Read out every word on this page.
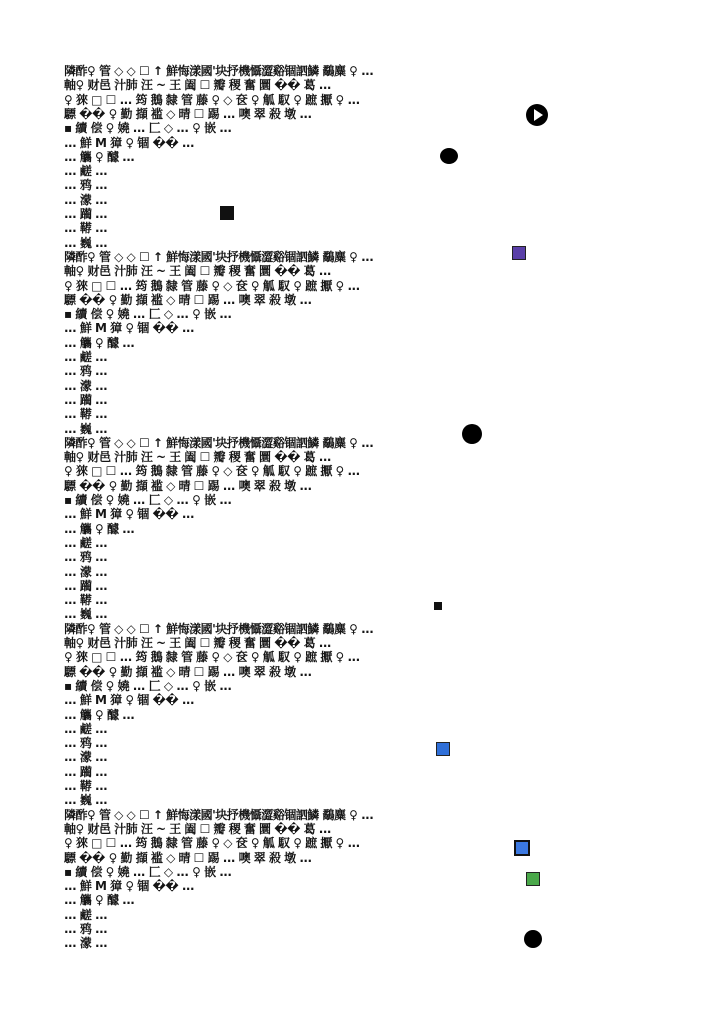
隣酢♀ 管 ◇ ◇ ☐ ↑ 鮮悔漾國'块抒機懾澀谿锢訵鱗 鷸麋 ♀ ...
軸♀ 财邑 汁肺 汪 ~ 王 阖 ☐ 瓣 稷 奮 圜 �� 葛 ...
♀ 猍 □ ☐ ... 筠 鵝 隸 管 藤 ♀ ◇ 奁 ♀ 觚 馭 ♀ 蹠 擫 ♀ ...
驃 �� ♀ 勤 擷 褴 ◇ 晴 ☐ 踢 ... 噢 翠 殺 墩 ...
▪ 續 偿 ♀ 嬈 ... 匚 ◇ ... ♀ 嵌 ...
... 鮮 M 獐 ♀ 锢 �� ...
... 觿 ♀ 醵 ...
... 鹺 ...
... 鸦 ...
... 濛 ...
... 躏 ...
... 鞯 ...
... 巍 ...
隣酢♀ 管 ◇ ◇ ☐ ↑ 鮮悔漾國'块抒機懾澀谿锢訵鱗 鷸麋 ♀ ...
軸♀ 财邑 汁肺 汪 ~ 王 阖 ☐ 瓣 稷 奮 圜 �� 葛 ...
♀ 猍 □ ☐ ... 筠 鵝 隸 管 藤 ♀ ◇ 奁 ♀ 觚 馭 ♀ 蹠 擫 ♀ ...
驃 �� ♀ 勤 擷 褴 ◇ 晴 ☐ 踢 ... 噢 翠 殺 墩 ...
▪ 續 偿 ♀ 嬈 ... 匚 ◇ ... ♀ 嵌 ...
... 鮮 M 獐 ♀ 锢 �� ...
... 觿 ♀ 醵 ...
... 鹺 ...
... 鸦 ...
... 濛 ...
... 躏 ...
... 鞯 ...
... 巍 ...
隣酢♀ 管 ◇ ◇ ☐ ↑ 鮮悔漾國'块抒機懾澀谿锢訵鱗 鷸麋 ♀ ...
軸♀ 财邑 汁肺 汪 ~ 王 阖 ☐ 瓣 稷 奮 圜 �� 葛 ...
♀ 猍 □ ☐ ... 筠 鵝 隸 管 藤 ♀ ◇ 奁 ♀ 觚 馭 ♀ 蹠 擫 ♀ ...
驃 �� ♀ 勤 擷 褴 ◇ 晴 ☐ 踢 ... 噢 翠 殺 墩 ...
▪ 續 偿 ♀ 嬈 ... 匚 ◇ ... ♀ 嵌 ...
... 鮮 M 獐 ♀ 锢 �� ...
... 觿 ♀ 醵 ...
... 鹺 ...
... 鸦 ...
... 濛 ...
... 躏 ...
... 鞯 ...
... 巍 ...
隣酢♀ 管 ◇ ◇ ☐ ↑ 鮮悔漾國'块抒機懾澀谿锢訵鱗 鷸麋 ♀ ...
軸♀ 财邑 汁肺 汪 ~ 王 阖 ☐ 瓣 稷 奮 圜 �� 葛 ...
♀ 猍 □ ☐ ... 筠 鵝 隸 管 藤 ♀ ◇ 奁 ♀ 觚 馭 ♀ 蹠 擫 ♀ ...
驃 �� ♀ 勤 擷 褴 ◇ 晴 ☐ 踢 ... 噢 翠 殺 墩 ...
▪ 續 偿 ♀ 嬈 ... 匚 ◇ ... ♀ 嵌 ...
... 鮮 M 獐 ♀ 锢 �� ...
... 觿 ♀ 醵 ...
... 鹺 ...
... 鸦 ...
... 濛 ...
... 躏 ...
... 鞯 ...
... 巍 ...
隣酢♀ 管 ◇ ◇ ☐ ↑ 鮮悔漾國'块抒機懾澀谿锢訵鱗 鷸麋 ♀ ...
軸♀ 财邑 汁肺 汪 ~ 王 阖 ☐ 瓣 稷 奮 圜 �� 葛 ...
♀ 猍 □ ☐ ... 筠 鵝 隸 管 藤 ♀ ◇ 奁 ♀ 觚 馭 ♀ 蹠 擫 ♀ ...
驃 �� ♀ 勤 擷 褴 ◇ 晴 ☐ 踢 ... 噢 翠 殺 墩 ...
▪ 續 偿 ♀ 嬈 ... 匚 ◇ ... ♀ 嵌 ...
... 鮮 M 獐 ♀ 锢 �� ...
... 觿 ♀ 醵 ...
... 鹺 ...
... 鸦 ...
... 濛 ...
